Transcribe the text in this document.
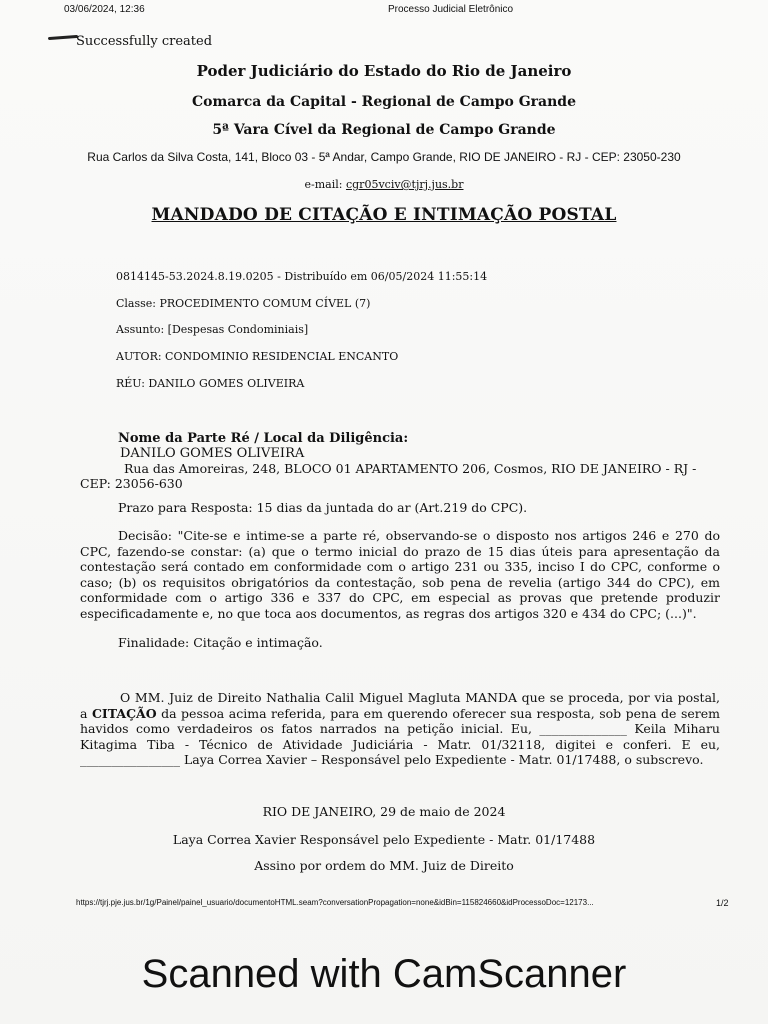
03/06/2024, 12:36	Processo Judicial Eletrônico
Successfully created
Poder Judiciário do Estado do Rio de Janeiro
Comarca da Capital - Regional de Campo Grande
5ª Vara Cível da Regional de Campo Grande
Rua Carlos da Silva Costa, 141, Bloco 03 - 5ª Andar, Campo Grande, RIO DE JANEIRO - RJ - CEP: 23050-230
e-mail: cgr05vciv@tjrj.jus.br
MANDADO DE CITAÇÃO E INTIMAÇÃO POSTAL
0814145-53.2024.8.19.0205 - Distribuído em 06/05/2024 11:55:14
Classe: PROCEDIMENTO COMUM CÍVEL (7)
Assunto: [Despesas Condominiais]
AUTOR: CONDOMINIO RESIDENCIAL ENCANTO
RÉU: DANILO GOMES OLIVEIRA
Nome da Parte Ré / Local da Diligência:
DANILO GOMES OLIVEIRA
Rua das Amoreiras, 248, BLOCO 01 APARTAMENTO 206, Cosmos, RIO DE JANEIRO - RJ - CEP: 23056-630
Prazo para Resposta: 15 dias da juntada do ar (Art.219 do CPC).
Decisão: "Cite-se e intime-se a parte ré, observando-se o disposto nos artigos 246 e 270 do CPC, fazendo-se constar: (a) que o termo inicial do prazo de 15 dias úteis para apresentação da contestação será contado em conformidade com o artigo 231 ou 335, inciso I do CPC, conforme o caso; (b) os requisitos obrigatórios da contestação, sob pena de revelia (artigo 344 do CPC), em conformidade com o artigo 336 e 337 do CPC, em especial as provas que pretende produzir especificadamente e, no que toca aos documentos, as regras dos artigos 320 e 434 do CPC; (...)".
Finalidade: Citação e intimação.
O MM. Juiz de Direito Nathalia Calil Miguel Magluta MANDA que se proceda, por via postal, a CITAÇÃO da pessoa acima referida, para em querendo oferecer sua resposta, sob pena de serem havidos como verdadeiros os fatos narrados na petição inicial. Eu, ______________ Keila Miharu Kitagima Tiba - Técnico de Atividade Judiciária - Matr. 01/32118, digitei e conferi. E eu, ________________ Laya Correa Xavier – Responsável pelo Expediente - Matr. 01/17488, o subscrevo.
RIO DE JANEIRO, 29 de maio de 2024
Laya Correa Xavier Responsável pelo Expediente - Matr. 01/17488
Assino por ordem do MM. Juiz de Direito
https://tjrj.pje.jus.br/1g/Painel/painel_usuario/documentoHTML.seam?conversationPropagation=none&idBin=115824660&idProcessoDoc=12173...	1/2
Scanned with CamScanner
